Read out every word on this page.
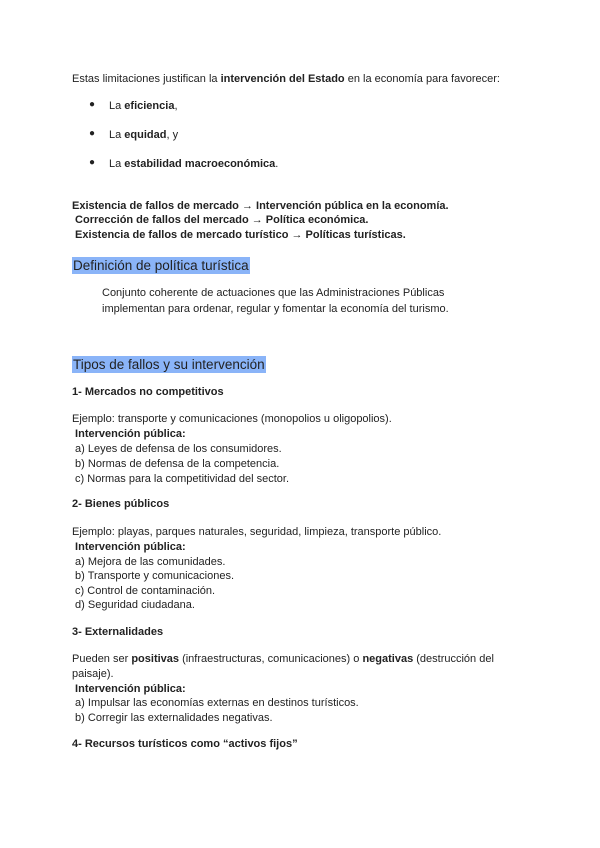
Estas limitaciones justifican la intervención del Estado en la economía para favorecer:
● La eficiencia,
● La equidad, y
● La estabilidad macroeconómica.
Existencia de fallos de mercado → Intervención pública en la economía.
Corrección de fallos del mercado → Política económica.
Existencia de fallos de mercado turístico → Políticas turísticas.
Definición de política turística
Conjunto coherente de actuaciones que las Administraciones Públicas
implementan para ordenar, regular y fomentar la economía del turismo.
Tipos de fallos y su intervención
1- Mercados no competitivos
Ejemplo: transporte y comunicaciones (monopolios u oligopolios).
Intervención pública:
a) Leyes de defensa de los consumidores.
b) Normas de defensa de la competencia.
c) Normas para la competitividad del sector.
2- Bienes públicos
Ejemplo: playas, parques naturales, seguridad, limpieza, transporte público.
Intervención pública:
a) Mejora de las comunidades.
b) Transporte y comunicaciones.
c) Control de contaminación.
d) Seguridad ciudadana.
3- Externalidades
Pueden ser positivas (infraestructuras, comunicaciones) o negativas (destrucción del
paisaje).
Intervención pública:
a) Impulsar las economías externas en destinos turísticos.
b) Corregir las externalidades negativas.
4- Recursos turísticos como “activos fijos”
